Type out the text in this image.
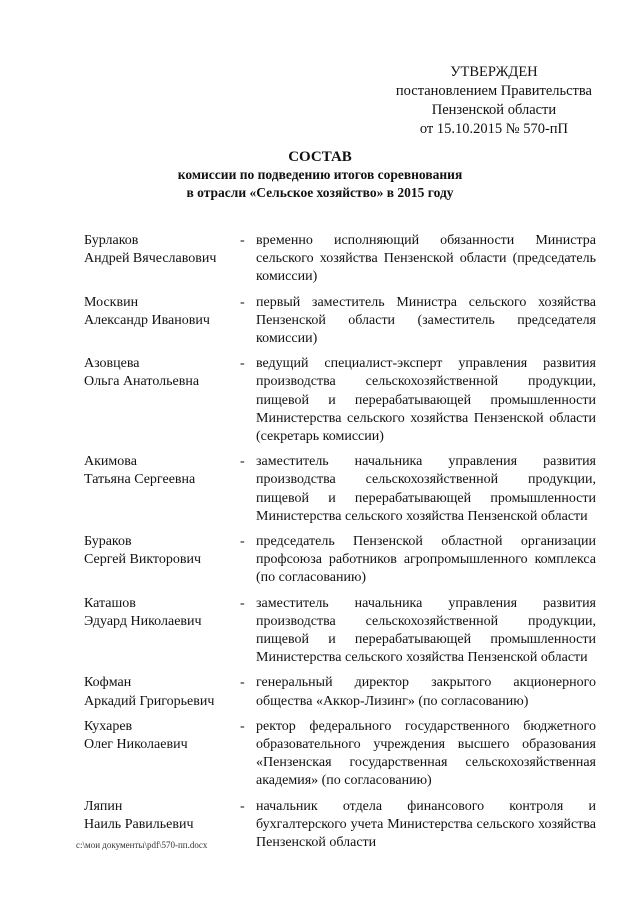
УТВЕРЖДЕН
постановлением Правительства
Пензенской области
от 15.10.2015 № 570-пП
СОСТАВ
комиссии по подведению итогов соревнования
в отрасли «Сельское хозяйство» в 2015 году
Бурлаков
Андрей Вячеславович
- временно исполняющий обязанности Министра сельского хозяйства Пензенской области (председатель комиссии)
Москвин
Александр Иванович
- первый заместитель Министра сельского хозяйства Пензенской области (заместитель председателя комиссии)
Азовцева
Ольга Анатольевна
- ведущий специалист-эксперт управления развития производства сельскохозяйственной продукции, пищевой и перерабатывающей промышленности Министерства сельского хозяйства Пензенской области (секретарь комиссии)
Акимова
Татьяна Сергеевна
- заместитель начальника управления развития производства сельскохозяйственной продукции, пищевой и перерабатывающей промышленности Министерства сельского хозяйства Пензенской области
Бураков
Сергей Викторович
- председатель Пензенской областной организации профсоюза работников агропромышленного комплекса (по согласованию)
Каташов
Эдуард Николаевич
- заместитель начальника управления развития производства сельскохозяйственной продукции, пищевой и перерабатывающей промышленности Министерства сельского хозяйства Пензенской области
Кофман
Аркадий Григорьевич
- генеральный директор закрытого акционерного общества «Аккор-Лизинг» (по согласованию)
Кухарев
Олег Николаевич
- ректор федерального государственного бюджетного образовательного учреждения высшего образования «Пензенская государственная сельскохозяйственная академия» (по согласованию)
Ляпин
Наиль Равильевич
- начальник отдела финансового контроля и бухгалтерского учета Министерства сельского хозяйства Пензенской области
c:\мои документы\pdf\570-пп.docx
